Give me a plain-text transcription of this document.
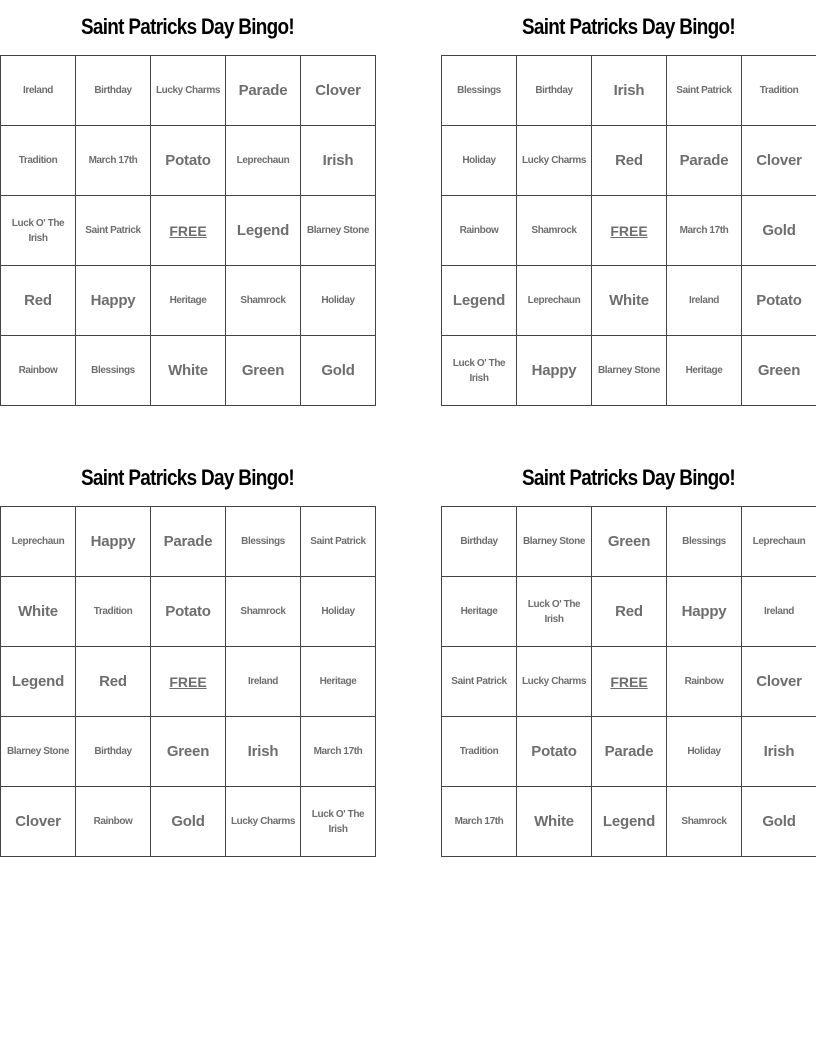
Saint Patricks Day Bingo!
Ireland	Birthday	Lucky Charms	Parade	Clover
Tradition	March 17th	Potato	Leprechaun	Irish
Luck O' The Irish	Saint Patrick	FREE	Legend	Blarney Stone
Red	Happy	Heritage	Shamrock	Holiday
Rainbow	Blessings	White	Green	Gold
Saint Patricks Day Bingo!
Blessings	Birthday	Irish	Saint Patrick	Tradition
Holiday	Lucky Charms	Red	Parade	Clover
Rainbow	Shamrock	FREE	March 17th	Gold
Legend	Leprechaun	White	Ireland	Potato
Luck O' The Irish	Happy	Blarney Stone	Heritage	Green
Saint Patricks Day Bingo!
Leprechaun	Happy	Parade	Blessings	Saint Patrick
White	Tradition	Potato	Shamrock	Holiday
Legend	Red	FREE	Ireland	Heritage
Blarney Stone	Birthday	Green	Irish	March 17th
Clover	Rainbow	Gold	Lucky Charms	Luck O' The Irish
Saint Patricks Day Bingo!
Birthday	Blarney Stone	Green	Blessings	Leprechaun
Heritage	Luck O' The Irish	Red	Happy	Ireland
Saint Patrick	Lucky Charms	FREE	Rainbow	Clover
Tradition	Potato	Parade	Holiday	Irish
March 17th	White	Legend	Shamrock	Gold
